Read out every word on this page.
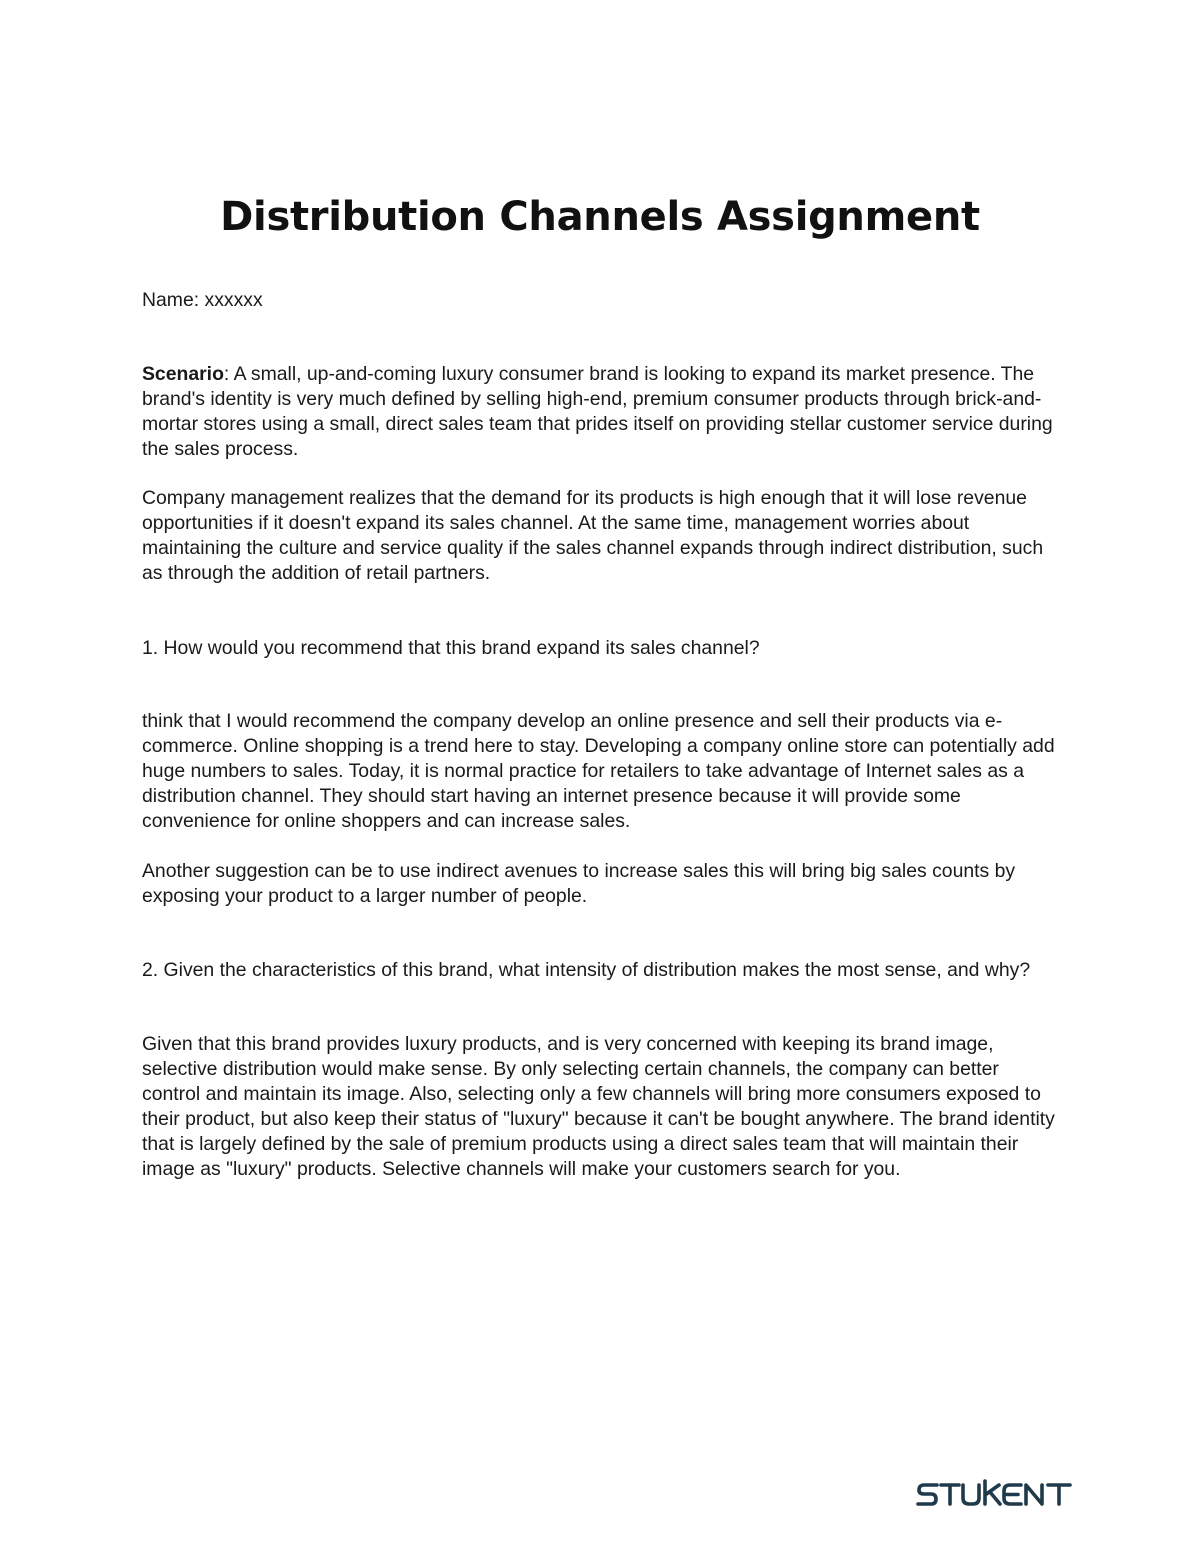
Distribution Channels Assignment

Name: xxxxxx

Scenario: A small, up-and-coming luxury consumer brand is looking to expand its market presence. The brand's identity is very much defined by selling high-end, premium consumer products through brick-and-mortar stores using a small, direct sales team that prides itself on providing stellar customer service during the sales process.

Company management realizes that the demand for its products is high enough that it will lose revenue opportunities if it doesn't expand its sales channel. At the same time, management worries about maintaining the culture and service quality if the sales channel expands through indirect distribution, such as through the addition of retail partners.

1. How would you recommend that this brand expand its sales channel?

think that I would recommend the company develop an online presence and sell their products via e-commerce. Online shopping is a trend here to stay. Developing a company online store can potentially add huge numbers to sales. Today, it is normal practice for retailers to take advantage of Internet sales as a distribution channel. They should start having an internet presence because it will provide some convenience for online shoppers and can increase sales.

Another suggestion can be to use indirect avenues to increase sales this will bring big sales counts by exposing your product to a larger number of people.

2. Given the characteristics of this brand, what intensity of distribution makes the most sense, and why?

Given that this brand provides luxury products, and is very concerned with keeping its brand image, selective distribution would make sense. By only selecting certain channels, the company can better control and maintain its image. Also, selecting only a few channels will bring more consumers exposed to their product, but also keep their status of "luxury" because it can't be bought anywhere. The brand identity that is largely defined by the sale of premium products using a direct sales team that will maintain their image as "luxury" products. Selective channels will make your customers search for you.
